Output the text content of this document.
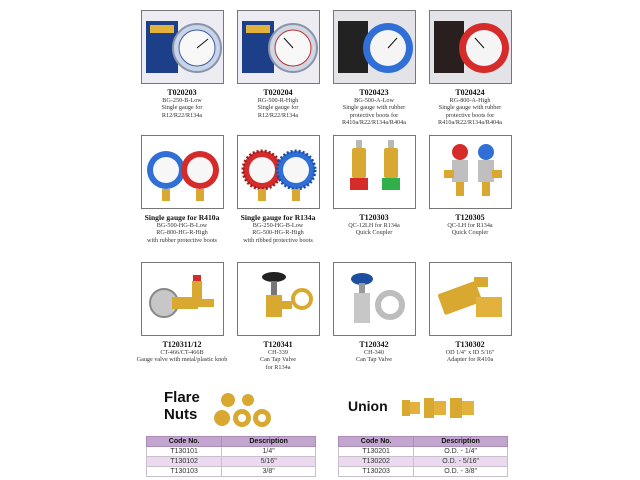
T020203
BG-250-B-Low
Single gauge for
R12/R22/R134a
T020204
RG-500-R-High
Single gauge for
R12/R22/R134a
T020423
BG-500-A-Low
Single gauge with rubber
protective boots for
R410a/R22/R134a/R404a
T020424
RG-800-A-High
Single gauge with rubber
protective boots for
R410a/R22/R134a/R404a
Single gauge for R410a
BG-500-HG-B-Low
RG-800-HG-R-High
with rubber protective boots
Single gauge for R134a
BG-250-HG-B-Low
RG-500-HG-R-High
with ribbed protective boots
T120303
QC-12LH for R134a
Quick Coupler
T120305
QC-LH for R134a
Quick Coupler
T120311/12
CT-466/CT-466B
Gauge valve with metal/plastic knob
T120341
CH-339
Can Tap Valve
for R134a
T120342
CH-340
Can Tap Valve
T130302
OD 1/4" x ID 5/16"
Adapter for R410a
Flare
Nuts
Code No.	Description
T130101	1/4"
T130102	5/16"
T130103	3/8"
Union
Code No.	Description
T130201	O.D. - 1/4"
T130202	O.D. - 5/16"
T130203	O.D. - 3/8"
